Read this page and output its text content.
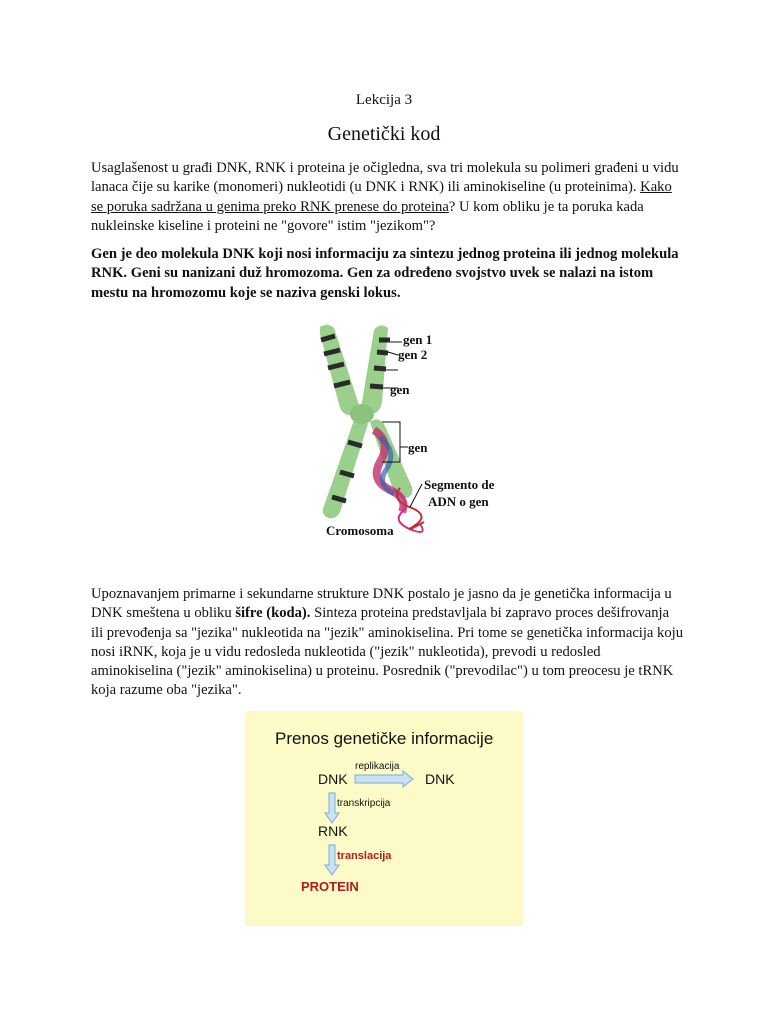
Lekcija 3
Genetički kod

Usaglašenost u građi DNK, RNK i proteina je očigledna, sva tri molekula su polimeri građeni u vidu lanaca čije su karike (monomeri) nukleotidi (u DNK i RNK) ili aminokiseline (u proteinima). Kako se poruka sadržana u genima preko RNK prenese do proteina? U kom obliku je ta poruka kada nukleinske kiseline i proteini ne "govore" istim "jezikom"?

Gen je deo molekula DNK koji nosi informaciju za sintezu jednog proteina ili jednog molekula RNK. Geni su nanizani duž hromozoma. Gen za određeno svojstvo uvek se nalazi na istom mestu na hromozomu koje se naziva genski lokus.

gen 1
gen 2
gen
gen
Segmento de
ADN o gen
Cromosoma

Upoznavanjem primarne i sekundarne strukture DNK postalo je jasno da je genetička informacija u DNK smeštena u obliku šifre (koda). Sinteza proteina predstavljala bi zapravo proces dešifrovanja ili prevođenja sa "jezika" nukleotida na "jezik" aminokiselina. Pri tome se genetička informacija koju nosi iRNK, koja je u vidu redosleda nukleotida ("jezik" nukleotida), prevodi u redosled aminokiselina ("jezik" aminokiselina) u proteinu. Posrednik ("prevodilac") u tom preocesu je tRNK koja razume oba "jezika".

Prenos genetičke informacije
replikacija
DNK	DNK
transkripcija
RNK
translacija
PROTEIN
